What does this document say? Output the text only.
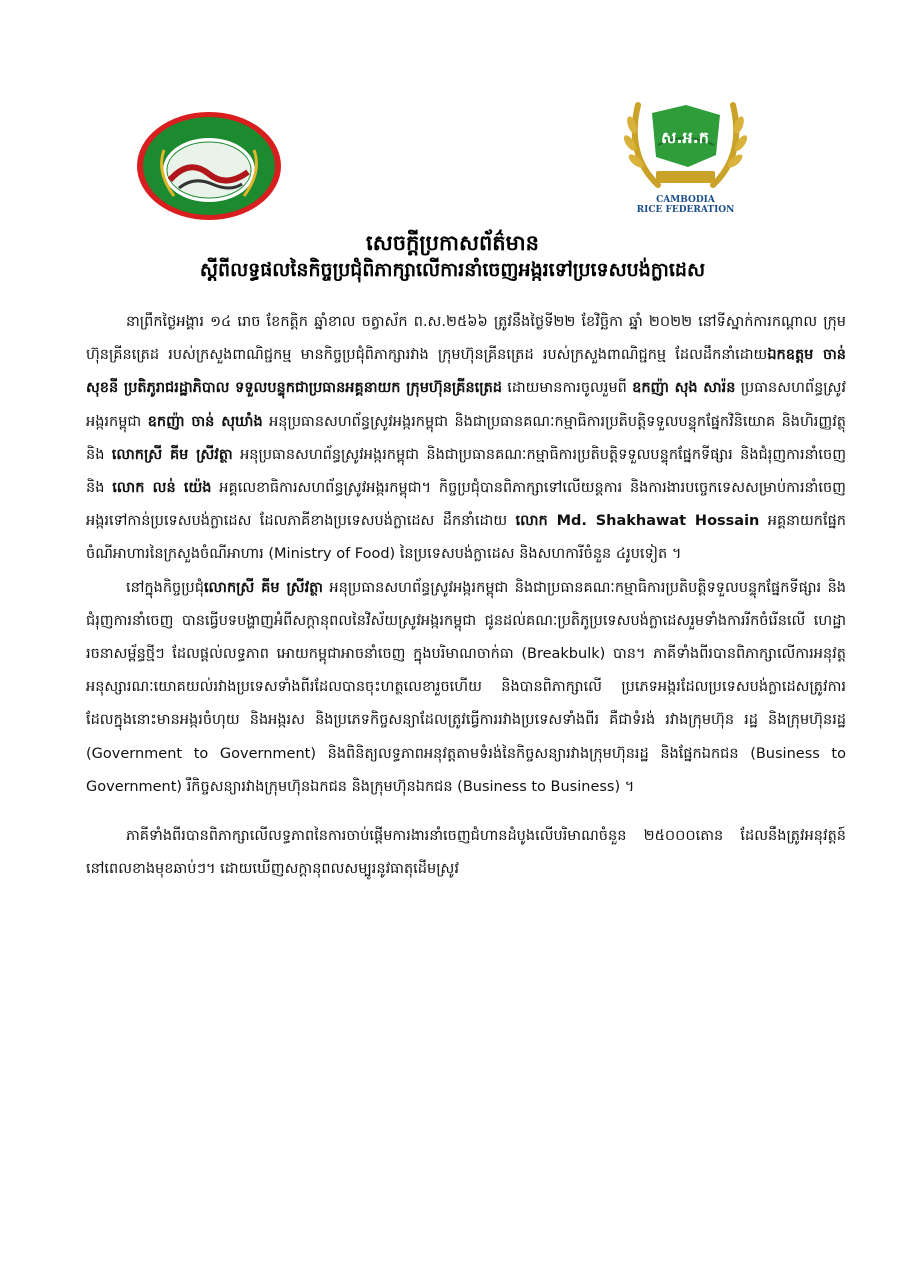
ស.អ.ក
CAMBODIA
RICE FEDERATION
សេចក្តីប្រកាសព័ត៌មាន
ស្តីពីលទ្ធផលនៃកិច្ចប្រជុំពិភាក្សាលើការនាំចេញអង្ករទៅប្រទេសបង់ក្លាដេស

នាព្រឹកថ្ងៃអង្គារ ១៤ រោច ខែកត្តិក ឆ្នាំខាល ចត្វាស័ក ព.ស.២៥៦៦ ត្រូវនឹងថ្ងៃទី២២ ខែវិច្ឆិកា ឆ្នាំ ២០២២ នៅទីស្នាក់ការកណ្តាល ក្រុមហ៊ុនគ្រីនត្រេដ របស់ក្រសួងពាណិជ្ជកម្ម មានកិច្ចប្រជុំពិភាក្សារវាង ក្រុមហ៊ុនគ្រីនត្រេដ របស់ក្រសួងពាណិជ្ជកម្ម ដែលដឹកនាំដោយឯកឧត្តម ចាន់ សុខនី ប្រតិភូរាជរដ្ឋាភិបាល ទទួលបន្ទុកជាប្រធានអគ្គនាយក ក្រុមហ៊ុនគ្រីនត្រេដ ដោយមានការចូលរួមពី ឧកញ៉ា សុង សារ៉ន ប្រធានសហព័ន្ធស្រូវអង្ករកម្ពុជា ឧកញ៉ា ចាន់ សុឃាំង អនុប្រធានសហព័ន្ធស្រូវអង្ករកម្ពុជា និងជាប្រធានគណៈកម្មាធិការប្រតិបត្តិទទួលបន្ទុកផ្នែកវិនិយោគ និងហិរញ្ញវត្ថុ និង លោកស្រី គីម ស្រីវត្ថា អនុប្រធានសហព័ន្ធស្រូវអង្ករកម្ពុជា និងជាប្រធានគណៈកម្មាធិការប្រតិបត្តិទទួលបន្ទុកផ្នែកទីផ្សារ និងជំរុញការនាំចេញ និង លោក លន់ យ៉េង អគ្គលេខាធិការសហព័ន្ធស្រូវអង្ករកម្ពុជា។ កិច្ចប្រជុំបានពិភាក្សាទៅលើយន្តការ និងការងារបច្ចេកទេសសម្រាប់ការនាំចេញអង្ករទៅកាន់ប្រទេសបង់ក្លាដេស ដែលភាគីខាងប្រទេសបង់ក្លាដេស ដឹកនាំដោយ លោក Md. Shakhawat Hossain អគ្គនាយកផ្នែកចំណីអាហារនៃក្រសួងចំណីអាហារ (Ministry of Food) នៃប្រទេសបង់ក្លាដេស និងសហការីចំនួន ៤រូបទៀត ។

នៅក្នុងកិច្ចប្រជុំលោកស្រី គីម ស្រីវត្ថា អនុប្រធានសហព័ន្ធស្រូវអង្ករកម្ពុជា និងជាប្រធានគណៈកម្មាធិការប្រតិបត្តិទទួលបន្ទុកផ្នែកទីផ្សារ និងជំរុញការនាំចេញ បានធ្វើបទបង្ហាញអំពីសក្តានុពលនៃវិស័យស្រូវអង្ករកម្ពុជា ជូនដល់គណៈប្រតិភូប្រទេសបង់ក្លាដេសរួមទាំងការរីកចំរើនលើ ហេដ្ឋារចនាសម្ព័ន្ធថ្មីៗ ដែលផ្តល់លទ្ធភាព អោយកម្ពុជាអាចនាំចេញ ក្នុងបរិមាណចាក់ធា (Breakbulk) បាន។ ភាគីទាំងពីរបានពិភាក្សាលើការអនុវត្តអនុស្សារណៈយោគយល់រវាងប្រទេសទាំងពីរដែលបានចុះហត្ថលេខារួចហើយ និងបានពិភាក្សាលើ ប្រភេទអង្ករដែលប្រទេសបង់ក្លាដេសត្រូវការ ដែលក្នុងនោះមានអង្ករចំហុយ និងអង្ករស និងប្រភេទកិច្ចសន្យាដែលត្រូវធ្វើការរវាងប្រទេសទាំងពីរ គឺជាទំរង់ រវាងក្រុមហ៊ុន រដ្ឋ និងក្រុមហ៊ុនរដ្ឋ (Government to Government) និងពិនិត្យលទ្ធភាពអនុវត្តតាមទំរង់នៃកិច្ចសន្យារវាងក្រុមហ៊ុនរដ្ឋ និងផ្នែកឯកជន (Business to Government) រឺកិច្ចសន្យារវាងក្រុមហ៊ុនឯកជន និងក្រុមហ៊ុនឯកជន (Business to Business) ។

ភាគីទាំងពីរបានពិភាក្សាលើលទ្ធភាពនៃការចាប់ផ្តើមការងារនាំចេញជំហានដំបូងលើបរិមាណចំនួន ២៥០០០តោន ដែលនឹងត្រូវអនុវត្តន៍នៅពេលខាងមុខឆាប់ៗ។ ដោយឃើញសក្តានុពលសម្បូរនូវធាតុដើមស្រូវ
